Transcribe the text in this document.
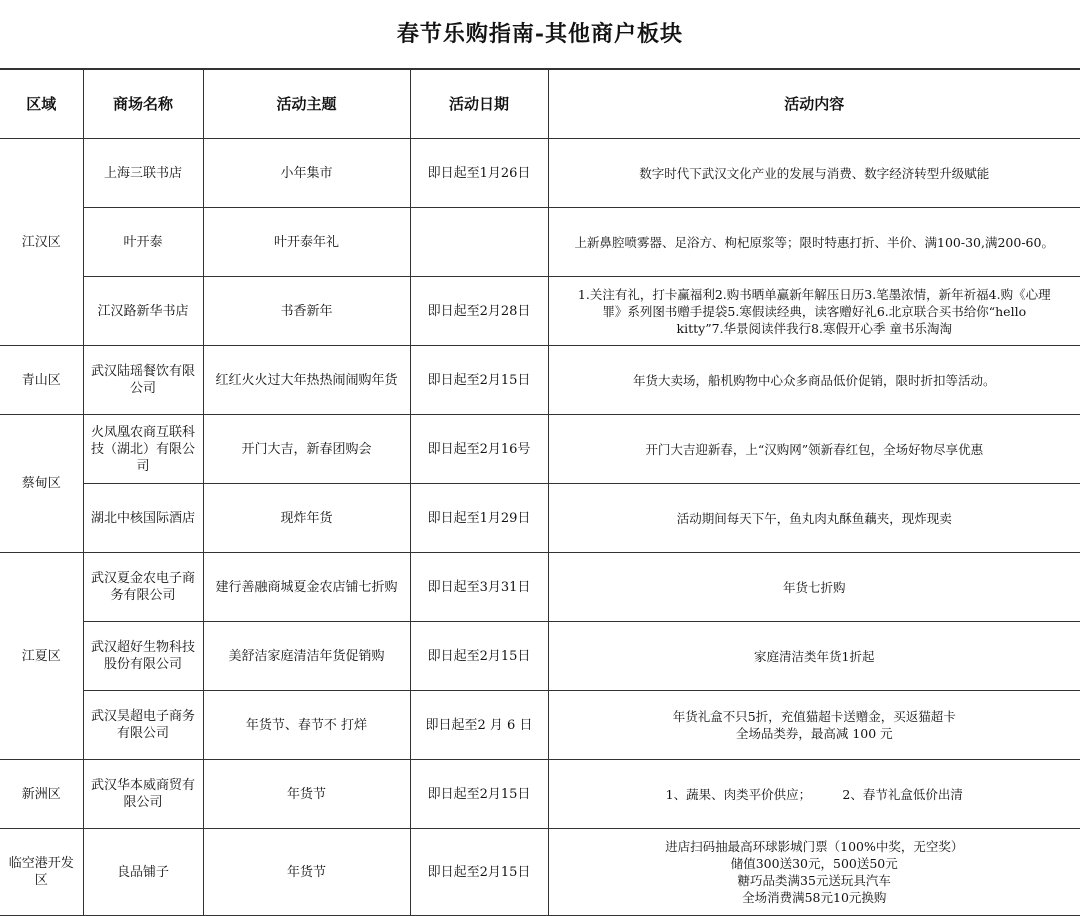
春节乐购指南-其他商户板块
区域	商场名称	活动主题	活动日期	活动内容
江汉区	上海三联书店	小年集市	即日起至1月26日	数字时代下武汉文化产业的发展与消费、数字经济转型升级赋能

	叶开泰	叶开泰年礼		上新鼻腔喷雾器、足浴方、枸杞原浆等；限时特惠打折、半价、满100-30,满200-60。

	江汉路新华书店	书香新年	即日起至2月28日	1.关注有礼，打卡赢福利2.购书晒单赢新年解压日历3.笔墨浓情，新年祈福4.购《心理
罪》系列图书赠手提袋5.寒假读经典，读客赠好礼6.北京联合买书给你“hello
kitty”7.华景阅读伴我行8.寒假开心季 童书乐淘淘

青山区	武汉陆瑶餐饮有限公司	红红火火过大年热热闹闹购年货	即日起至2月15日	年货大卖场，船机购物中心众多商品低价促销，限时折扣等活动。

蔡甸区	火凤凰农商互联科技（湖北）有限公司	开门大吉，新春团购会	即日起至2月16号	开门大吉迎新春，上“汉购网”领新春红包，全场好物尽享优惠

	湖北中核国际酒店	现炸年货	即日起至1月29日	活动期间每天下午，鱼丸肉丸酥鱼藕夹，现炸现卖

江夏区	武汉夏金农电子商务有限公司	建行善融商城夏金农店铺七折购	即日起至3月31日	年货七折购

	武汉超好生物科技股份有限公司	美舒洁家庭清洁年货促销购	即日起至2月15日	家庭清洁类年货1折起

	武汉昊超电子商务有限公司	年货节、春节不 打烊	即日起至2 月 6 日	年货礼盒不只5折，充值猫超卡送赠金，买返猫超卡
全场品类券，最高减 100 元

新洲区	武汉华本威商贸有限公司	年货节	即日起至2月15日	1、蔬果、肉类平价供应；　　　2、春节礼盒低价出清

临空港开发区	良品铺子	年货节	即日起至2月15日	进店扫码抽最高环球影城门票（100%中奖，无空奖）
储值300送30元，500送50元
糖巧品类满35元送玩具汽车
全场消费满58元10元换购
